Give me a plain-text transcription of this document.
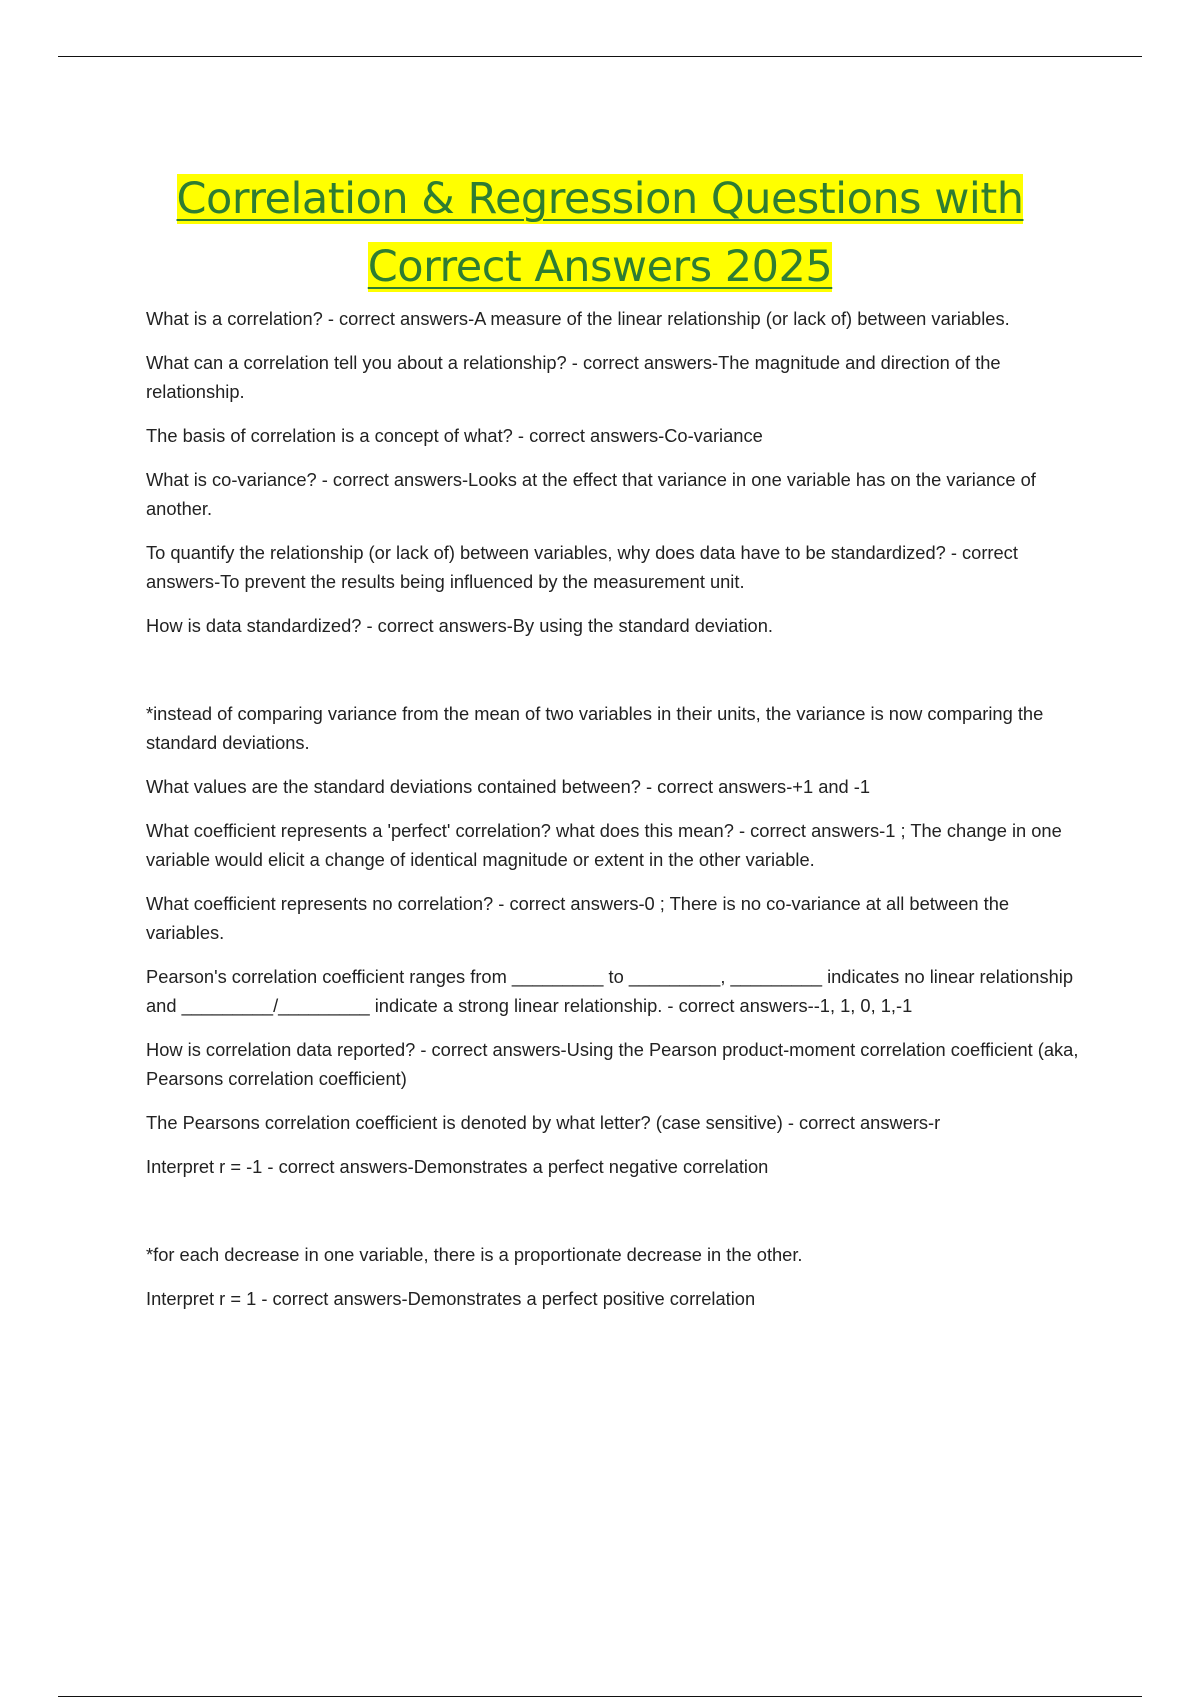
Correlation & Regression Questions with
Correct Answers 2025

What is a correlation? - correct answers-A measure of the linear relationship (or lack of) between variables.

What can a correlation tell you about a relationship? - correct answers-The magnitude and direction of the relationship.

The basis of correlation is a concept of what? - correct answers-Co-variance

What is co-variance? - correct answers-Looks at the effect that variance in one variable has on the variance of another.

To quantify the relationship (or lack of) between variables, why does data have to be standardized? - correct answers-To prevent the results being influenced by the measurement unit.

How is data standardized? - correct answers-By using the standard deviation.

*instead of comparing variance from the mean of two variables in their units, the variance is now comparing the standard deviations.

What values are the standard deviations contained between? - correct answers-+1 and -1

What coefficient represents a 'perfect' correlation? what does this mean? - correct answers-1 ; The change in one variable would elicit a change of identical magnitude or extent in the other variable.

What coefficient represents no correlation? - correct answers-0 ; There is no co-variance at all between the variables.

Pearson's correlation coefficient ranges from _________ to _________, _________ indicates no linear relationship and _________/_________ indicate a strong linear relationship. - correct answers--1, 1, 0, 1,-1

How is correlation data reported? - correct answers-Using the Pearson product-moment correlation coefficient (aka, Pearsons correlation coefficient)

The Pearsons correlation coefficient is denoted by what letter? (case sensitive) - correct answers-r

Interpret r = -1 - correct answers-Demonstrates a perfect negative correlation

*for each decrease in one variable, there is a proportionate decrease in the other.

Interpret r = 1 - correct answers-Demonstrates a perfect positive correlation
